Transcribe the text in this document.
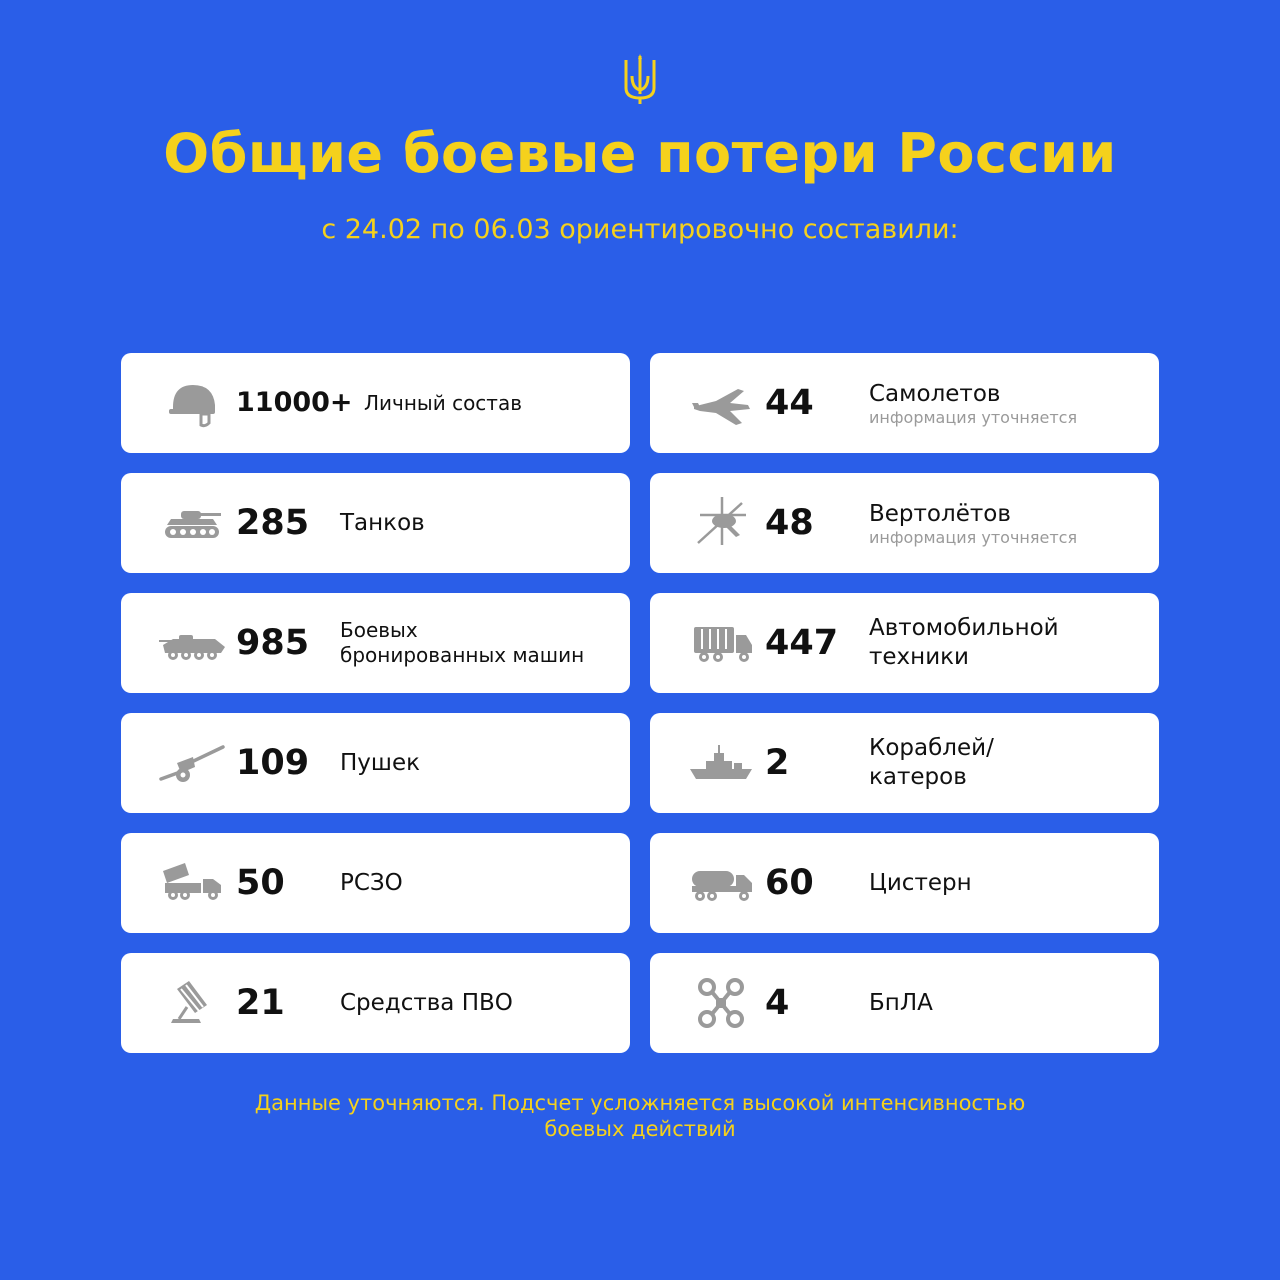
Общие боевые потери России
с 24.02 по 06.03 ориентировочно составили:
11000+ Личный состав	44 Самолетов
информация уточняется
285 Танков	48 Вертолётов
информация уточняется
985 Боевых
бронированных машин	447 Автомобильной
техники
109 Пушек	2	Кораблей/
катеров
50 РСЗО	60 Цистерн
21 Средства ПВО	4	БпЛА
Данные уточняются. Подсчет усложняется высокой интенсивностью
боевых действий
